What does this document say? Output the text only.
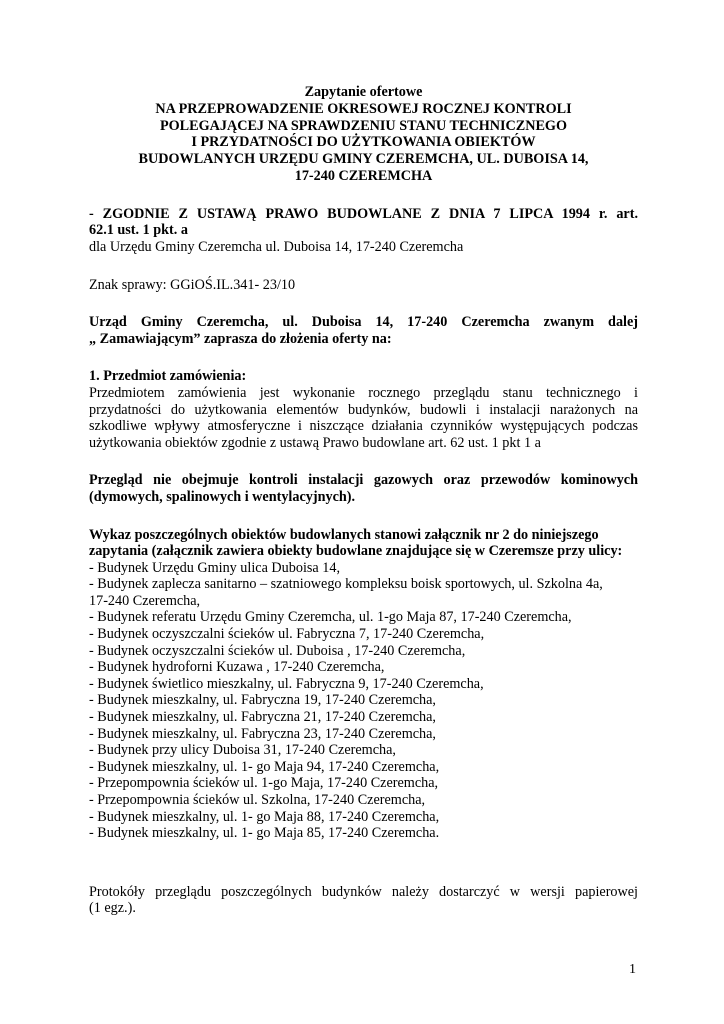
Zapytanie ofertowe
NA PRZEPROWADZENIE OKRESOWEJ ROCZNEJ KONTROLI
POLEGAJĄCEJ NA SPRAWDZENIU STANU TECHNICZNEGO
I PRZYDATNOŚCI DO UŻYTKOWANIA OBIEKTÓW
BUDOWLANYCH URZĘDU GMINY CZEREMCHA, UL. DUBOISA 14,
17-240 CZEREMCHA
- ZGODNIE Z USTAWĄ PRAWO BUDOWLANE Z DNIA 7 LIPCA 1994 r. art.
62.1 ust. 1 pkt. a
dla Urzędu Gminy Czeremcha ul. Duboisa 14, 17-240 Czeremcha
Znak sprawy: GGiOŚ.IL.341- 23/10
Urząd Gminy Czeremcha, ul. Duboisa 14, 17-240 Czeremcha zwanym dalej
„ Zamawiającym” zaprasza do złożenia oferty na:
1. Przedmiot zamówienia:
Przedmiotem zamówienia jest wykonanie rocznego przeglądu stanu technicznego i
przydatności do użytkowania elementów budynków, budowli i instalacji narażonych na
szkodliwe wpływy atmosferyczne i niszczące działania czynników występujących podczas
użytkowania obiektów zgodnie z ustawą Prawo budowlane art. 62 ust. 1 pkt 1 a
Przegląd nie obejmuje kontroli instalacji gazowych oraz przewodów kominowych
(dymowych, spalinowych i wentylacyjnych).
Wykaz poszczególnych obiektów budowlanych stanowi załącznik nr 2 do niniejszego
zapytania (załącznik zawiera obiekty budowlane znajdujące się w Czeremsze przy ulicy:
- Budynek Urzędu Gminy ulica Duboisa 14,
- Budynek zaplecza sanitarno – szatniowego kompleksu boisk sportowych, ul. Szkolna 4a,
17-240 Czeremcha,
- Budynek referatu Urzędu Gminy Czeremcha, ul. 1-go Maja 87, 17-240 Czeremcha,
- Budynek oczyszczalni ścieków ul. Fabryczna 7, 17-240 Czeremcha,
- Budynek oczyszczalni ścieków ul. Duboisa , 17-240 Czeremcha,
- Budynek hydroforni Kuzawa , 17-240 Czeremcha,
- Budynek świetlico mieszkalny, ul. Fabryczna 9, 17-240 Czeremcha,
- Budynek mieszkalny, ul. Fabryczna 19, 17-240 Czeremcha,
- Budynek mieszkalny, ul. Fabryczna 21, 17-240 Czeremcha,
- Budynek mieszkalny, ul. Fabryczna 23, 17-240 Czeremcha,
- Budynek przy ulicy Duboisa 31, 17-240 Czeremcha,
- Budynek mieszkalny, ul. 1- go Maja 94, 17-240 Czeremcha,
- Przepompownia ścieków ul. 1-go Maja, 17-240 Czeremcha,
- Przepompownia ścieków ul. Szkolna, 17-240 Czeremcha,
- Budynek mieszkalny, ul. 1- go Maja 88, 17-240 Czeremcha,
- Budynek mieszkalny, ul. 1- go Maja 85, 17-240 Czeremcha.
Protokóły przeglądu poszczególnych budynków należy dostarczyć w wersji papierowej
(1 egz.).
1
